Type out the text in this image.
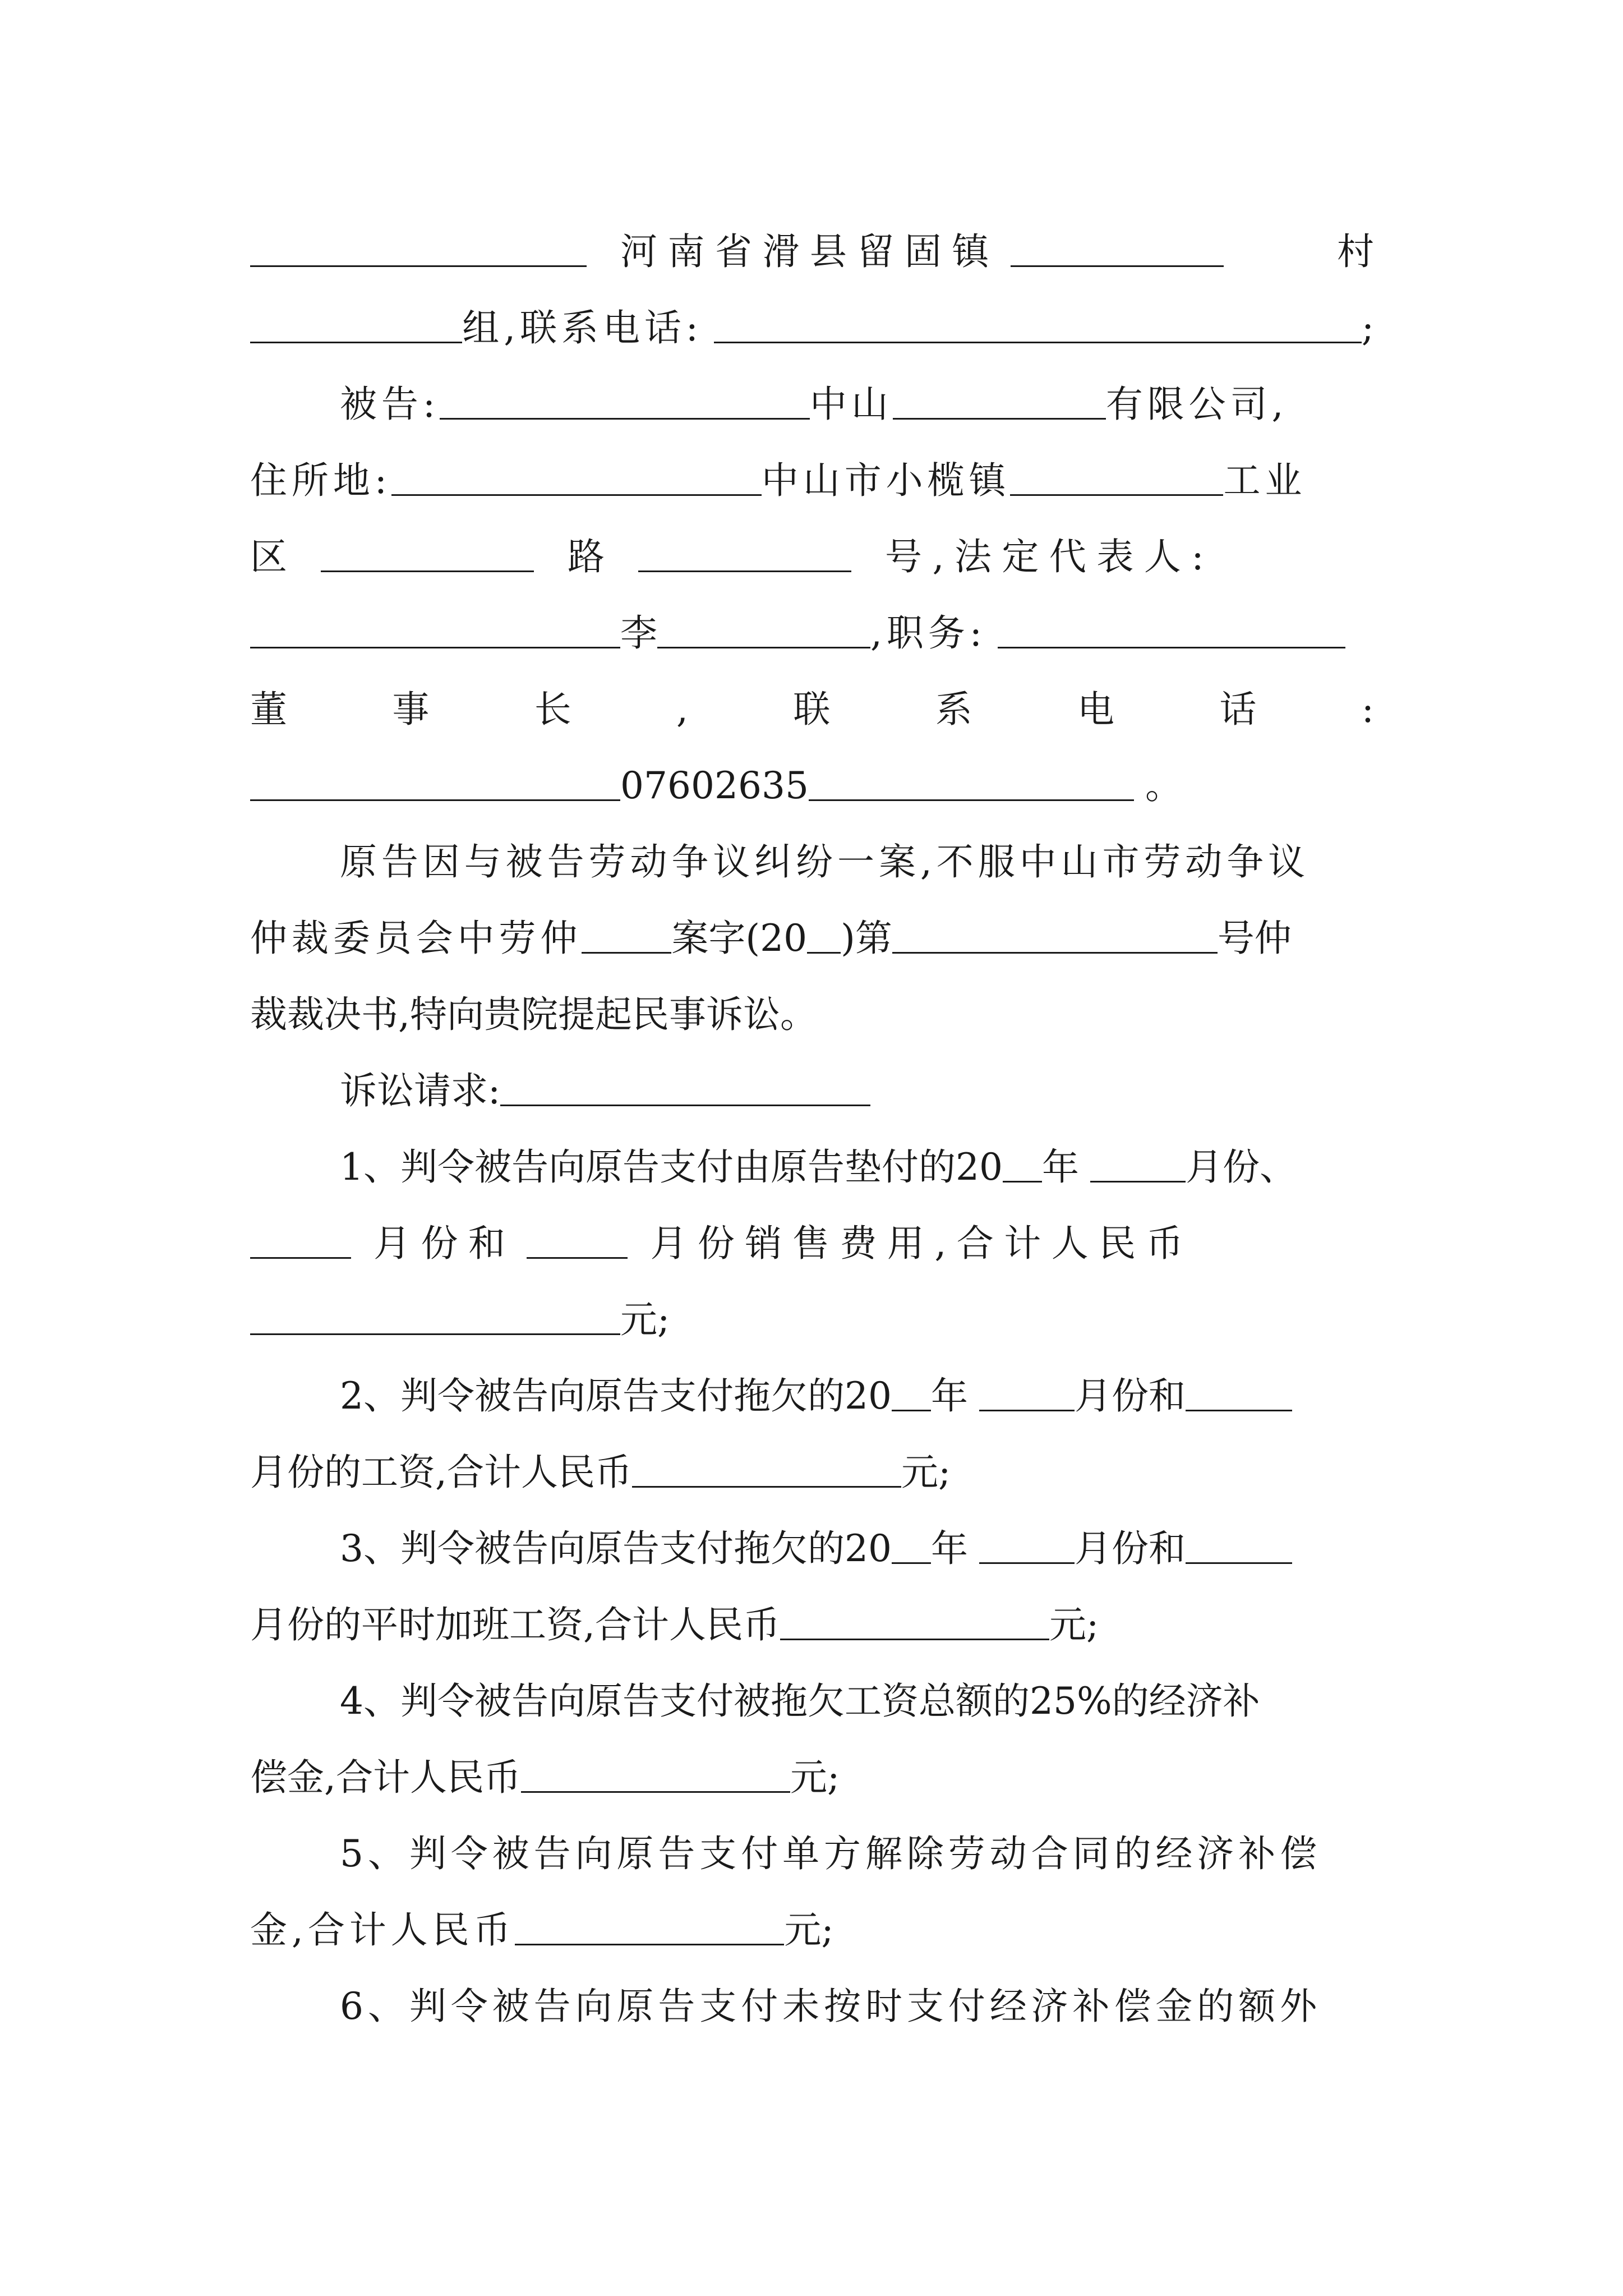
河南省滑县留固镇	村
组,联系电话:	;
被告:	中山	有限公司,
住所地:	中山市小榄镇	工业
区	路	号,法定代表人:
李	,职务:
董	事	长	,	联	系	电	话	:
07602635	。
原告因与被告劳动争议纠纷一案,不服中山市劳动争议
仲裁委员会中劳仲 案字(20 )第	号仲
裁裁决书,特向贵院提起民事诉讼。
诉讼请求:
1、判令被告向原告支付由原告垫付的20 年	月份、
月份和	月份销售费用,合计人民币
元;
2、判令被告向原告支付拖欠的20 年	月份和
月份的工资,合计人民币	元;
3、判令被告向原告支付拖欠的20 年	月份和
月份的平时加班工资,合计人民币	元;
4、判令被告向原告支付被拖欠工资总额的25%的经济补
偿金,合计人民币	元;
5、判令被告向原告支付单方解除劳动合同的经济补偿
金,合计人民币	元;
6、判令被告向原告支付未按时支付经济补偿金的额外
